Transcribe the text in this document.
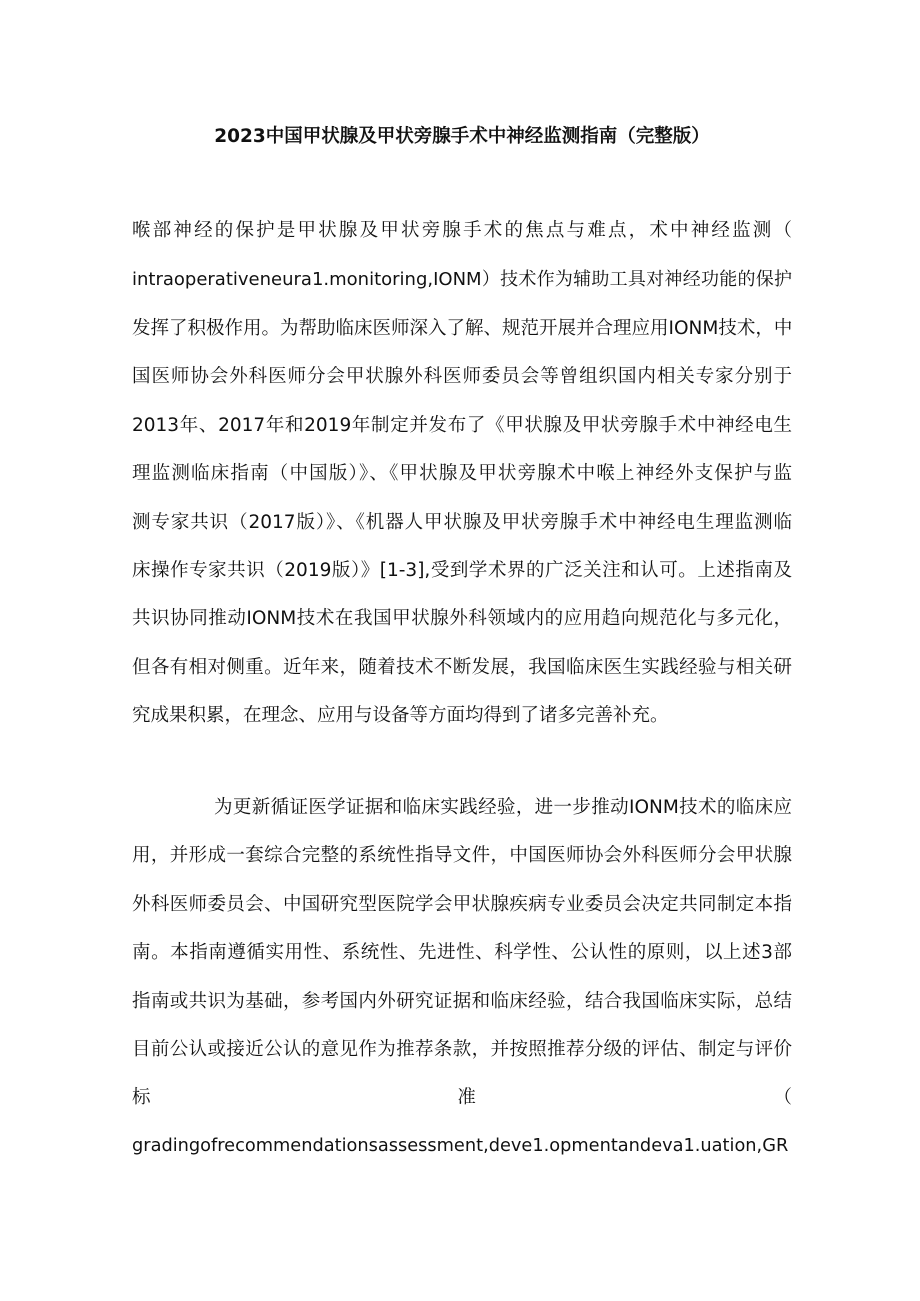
2023中国甲状腺及甲状旁腺手术中神经监测指南（完整版）
喉部神经的保护是甲状腺及甲状旁腺手术的焦点与难点，术中神经监测（
intraoperativeneura1.monitoring,IONM）技术作为辅助工具对神经功能的保护
发挥了积极作用。为帮助临床医师深入了解、规范开展并合理应用IONM技术，中
国医师协会外科医师分会甲状腺外科医师委员会等曾组织国内相关专家分别于
2013年、2017年和2019年制定并发布了《甲状腺及甲状旁腺手术中神经电生
理监测临床指南（中国版）》、《甲状腺及甲状旁腺术中喉上神经外支保护与监
测专家共识（2017版）》、《机器人甲状腺及甲状旁腺手术中神经电生理监测临
床操作专家共识（2019版）》[1-3],受到学术界的广泛关注和认可。上述指南及
共识协同推动IONM技术在我国甲状腺外科领域内的应用趋向规范化与多元化，
但各有相对侧重。近年来，随着技术不断发展，我国临床医生实践经验与相关研
究成果积累，在理念、应用与设备等方面均得到了诸多完善补充。
为更新循证医学证据和临床实践经验，进一步推动IONM技术的临床应
用，并形成一套综合完整的系统性指导文件，中国医师协会外科医师分会甲状腺
外科医师委员会、中国研究型医院学会甲状腺疾病专业委员会决定共同制定本指
南。本指南遵循实用性、系统性、先进性、科学性、公认性的原则，以上述3部
指南或共识为基础，参考国内外研究证据和临床经验，结合我国临床实际，总结
目前公认或接近公认的意见作为推荐条款，并按照推荐分级的评估、制定与评价
标　　　　　　　　　　　　　　准　　　　　　　　　　　　　　（
gradingofrecommendationsassessment,deve1.opmentandeva1.uation,GR
